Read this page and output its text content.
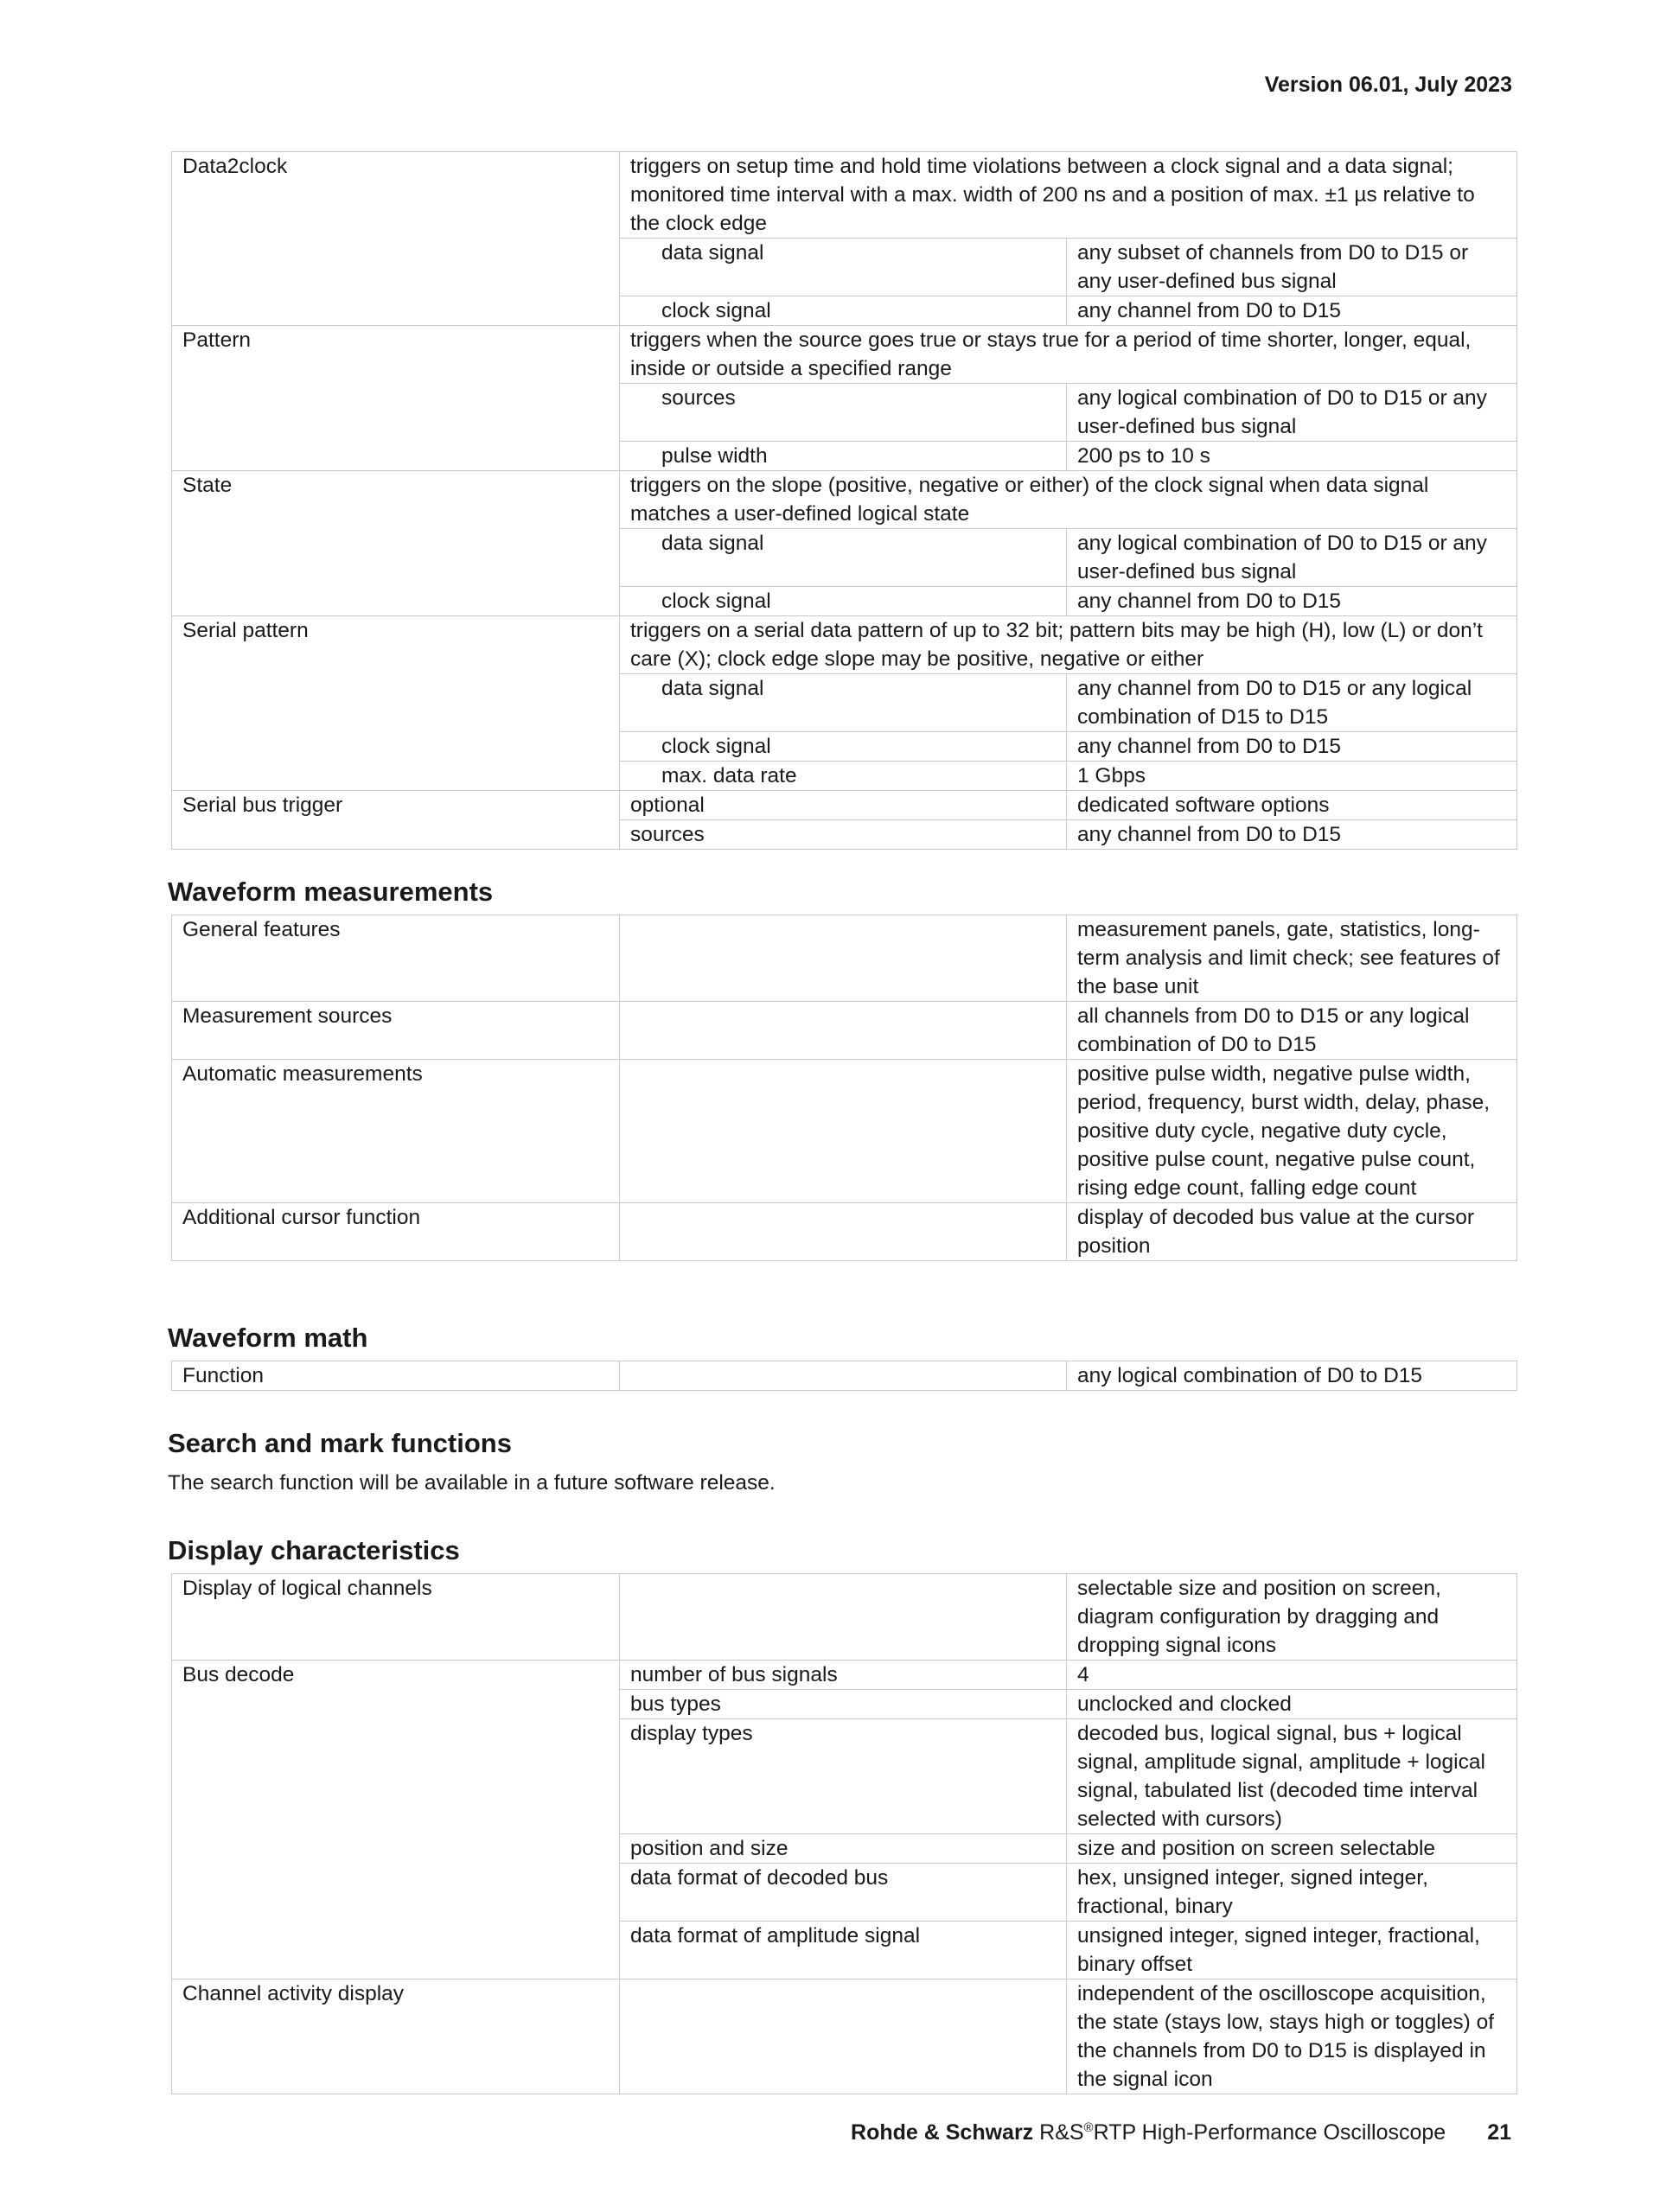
Version 06.01, July 2023
Data2clock	triggers on setup time and hold time violations between a clock signal and a data signal; monitored time interval with a max. width of 200 ns and a position of max. ±1 µs relative to the clock edge	
	data signal	any subset of channels from D0 to D15 or any user-defined bus signal
	clock signal	any channel from D0 to D15
Pattern	triggers when the source goes true or stays true for a period of time shorter, longer, equal, inside or outside a specified range	
	sources	any logical combination of D0 to D15 or any user-defined bus signal
	pulse width	200 ps to 10 s
State	triggers on the slope (positive, negative or either) of the clock signal when data signal matches a user-defined logical state	
	data signal	any logical combination of D0 to D15 or any user-defined bus signal
	clock signal	any channel from D0 to D15
Serial pattern	triggers on a serial data pattern of up to 32 bit; pattern bits may be high (H), low (L) or don’t care (X); clock edge slope may be positive, negative or either	
	data signal	any channel from D0 to D15 or any logical combination of D15 to D15
	clock signal	any channel from D0 to D15
	max. data rate	1 Gbps
Serial bus trigger	optional	dedicated software options
	sources	any channel from D0 to D15
Waveform measurements
General features		measurement panels, gate, statistics, long-term analysis and limit check; see features of the base unit
Measurement sources		all channels from D0 to D15 or any logical combination of D0 to D15
Automatic measurements		positive pulse width, negative pulse width, period, frequency, burst width, delay, phase, positive duty cycle, negative duty cycle, positive pulse count, negative pulse count, rising edge count, falling edge count
Additional cursor function		display of decoded bus value at the cursor position
Waveform math
Function		any logical combination of D0 to D15
Search and mark functions
The search function will be available in a future software release.
Display characteristics
Display of logical channels		selectable size and position on screen, diagram configuration by dragging and dropping signal icons
Bus decode	number of bus signals	4
	bus types	unclocked and clocked
	display types	decoded bus, logical signal, bus + logical signal, amplitude signal, amplitude + logical signal, tabulated list (decoded time interval selected with cursors)
	position and size	size and position on screen selectable
	data format of decoded bus	hex, unsigned integer, signed integer, fractional, binary
	data format of amplitude signal	unsigned integer, signed integer, fractional, binary offset
Channel activity display		independent of the oscilloscope acquisition, the state (stays low, stays high or toggles) of the channels from D0 to D15 is displayed in the signal icon
Rohde & Schwarz R&S®RTP High-Performance Oscilloscope 21
